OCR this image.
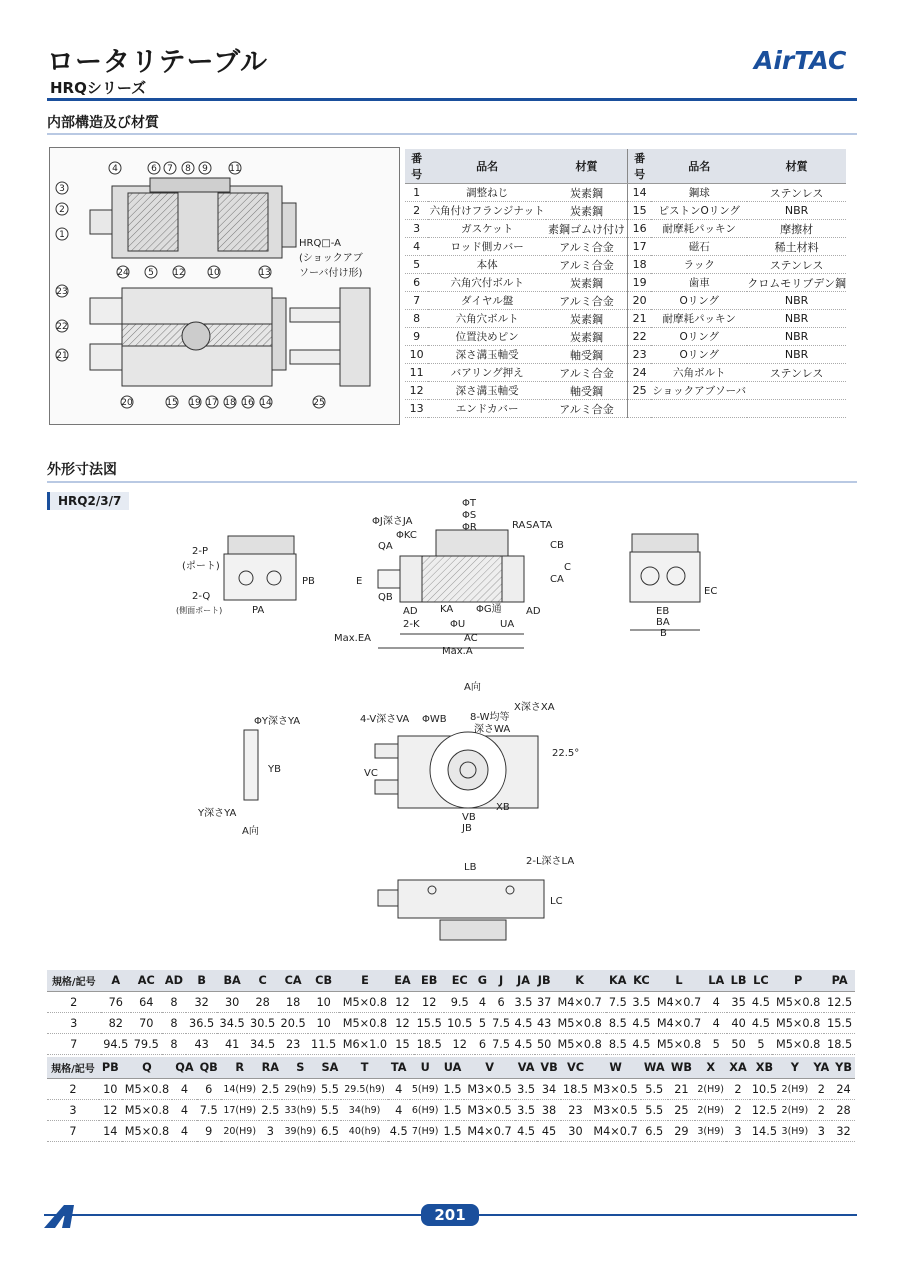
ロータリテーブル
HRQシリーズ
AirTAC
内部構造及び材質
4	6 7 8 9 11
3
2
1
23
22
21
24 5 12	10	13
20	15 19 17 18 16 14	25
HRQ□-A
(ショックアブ
ソーバ付け形)
番号	品名	材質	番号	品名	材質
1	調整ねじ	炭素鋼	14	鋼球	ステンレス
2	六角付けフランジナット	炭素鋼	15	ピストンOリング	NBR
3	ガスケット	素鋼ゴムけ付け	16	耐摩耗パッキン	摩擦材
4	ロッド側カバー	アルミ合金	17	磁石	稀土材料
5	本体	アルミ合金	18	ラック	ステンレス
6	六角穴付ボルト	炭素鋼	19	歯車	クロムモリブデン鋼
7	ダイヤル盤	アルミ合金	20	Oリング	NBR
8	六角穴ボルト	炭素鋼	21	耐摩耗パッキン	NBR
9	位置決めピン	炭素鋼	22	Oリング	NBR
10	深さ溝玉軸受	軸受鋼	23	Oリング	NBR
11	バアリング押え	アルミ合金	24	六角ボルト	ステンレス
12	深さ溝玉軸受	軸受鋼	25	ショックアブソーバ	
13	エンドカバー	アルミ合金			
外形寸法図
HRQ2/3/7
2-P
(ポート)
2-Q
(側面ポート)	PA
PB
ΦT
ΦS
ΦR
ΦJ深さJA
ΦKC
QA
QB
E
AD	AD
2-K
KA
ΦU
ΦG通
UA
AC
Max.EA
Max.A
RA SA TA
CB
CA
C
A向
EB
EC
BA
B
ΦY深さYA
YB
Y深さYA
A向
4-V深さVA ΦWB 8-W均等
深さWA
X深さXA
22.5°
VC
VB
JB
XB
LB
2-L深さLA
LC
規格/記号	A	AC	AD	B	BA	C	CA	CB	E	EA	EB	EC	G	J	JA	JB	K	KA	KC	L	LA	LB	LC	P	PA
2	76	64	8	32	30	28	18	10	M5×0.8	12	12	9.5	4	6	3.5	37	M4×0.7	7.5	3.5	M4×0.7	4	35	4.5	M5×0.8	12.5
3	82	70	8	36.5	34.5	30.5	20.5	10	M5×0.8	12	15.5	10.5	5	7.5	4.5	43	M5×0.8	8.5	4.5	M4×0.7	4	40	4.5	M5×0.8	15.5
7	94.5	79.5	8	43	41	34.5	23	11.5	M6×1.0	15	18.5	12	6	7.5	4.5	50	M5×0.8	8.5	4.5	M5×0.8	5	50	5	M5×0.8	18.5
規格/記号	PB	Q	QA	QB	R	RA	S	SA	T	TA	U	UA	V	VA	VB	VC	W	WA	WB	X	XA	XB	Y	YA	YB
2	10	M5×0.8	4	6	14(H9)	2.5	29(h9)	5.5	29.5(h9)	4	5(H9)	1.5	M3×0.5	3.5	34	18.5	M3×0.5	5.5	21	2(H9)	2	10.5	2(H9)	2	24
3	12	M5×0.8	4	7.5	17(H9)	2.5	33(h9)	5.5	34(h9)	4	6(H9)	1.5	M3×0.5	3.5	38	23	M3×0.5	5.5	25	2(H9)	2	12.5	2(H9)	2	28
7	14	M5×0.8	4	9	20(H9)	3	39(h9)	6.5	40(h9)	4.5	7(H9)	1.5	M4×0.7	4.5	45	30	M4×0.7	6.5	29	3(H9)	3	14.5	3(H9)	3	32
201
